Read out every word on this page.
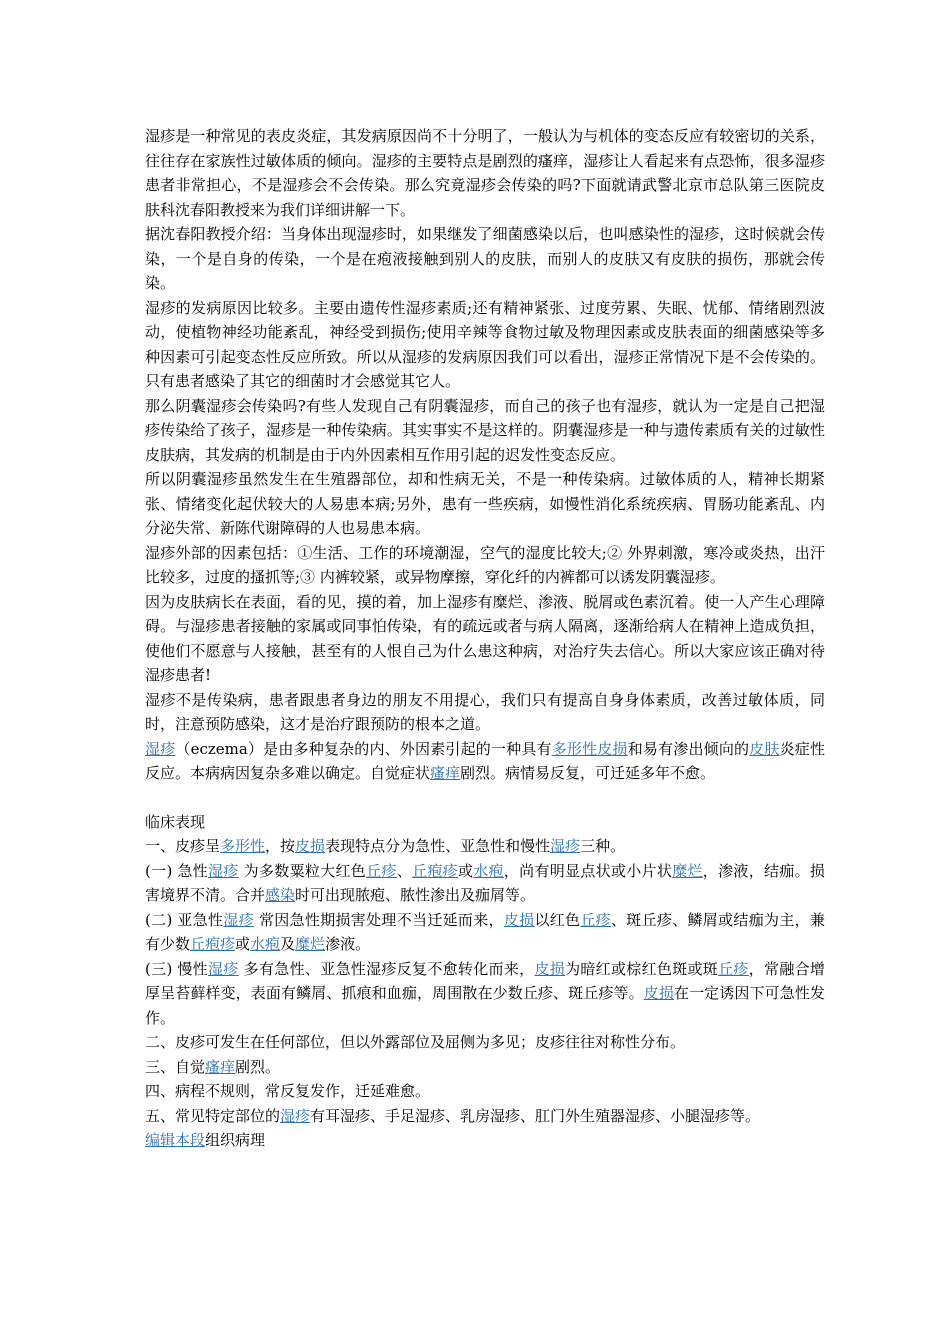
湿疹是一种常见的表皮炎症，其发病原因尚不十分明了，一般认为与机体的变态反应有较密切的关系，往往存在家族性过敏体质的倾向。湿疹的主要特点是剧烈的瘙痒，湿疹让人看起来有点恐怖，很多湿疹患者非常担心，不是湿疹会不会传染。那么究竟湿疹会传染的吗?下面就请武警北京市总队第三医院皮肤科沈春阳教授来为我们详细讲解一下。

据沈春阳教授介绍：当身体出现湿疹时，如果继发了细菌感染以后，也叫感染性的湿疹，这时候就会传染，一个是自身的传染，一个是在疱液接触到别人的皮肤，而别人的皮肤又有皮肤的损伤，那就会传染。

湿疹的发病原因比较多。主要由遗传性湿疹素质;还有精神紧张、过度劳累、失眠、忧郁、情绪剧烈波动，使植物神经功能紊乱，神经受到损伤;使用辛辣等食物过敏及物理因素或皮肤表面的细菌感染等多种因素可引起变态性反应所致。所以从湿疹的发病原因我们可以看出，湿疹正常情况下是不会传染的。只有患者感染了其它的细菌时才会感觉其它人。

那么阴囊湿疹会传染吗?有些人发现自己有阴囊湿疹，而自己的孩子也有湿疹，就认为一定是自己把湿疹传染给了孩子，湿疹是一种传染病。其实事实不是这样的。阴囊湿疹是一种与遗传素质有关的过敏性皮肤病，其发病的机制是由于内外因素相互作用引起的迟发性变态反应。

所以阴囊湿疹虽然发生在生殖器部位，却和性病无关，不是一种传染病。过敏体质的人，精神长期紧张、情绪变化起伏较大的人易患本病;另外，患有一些疾病，如慢性消化系统疾病、胃肠功能紊乱、内分泌失常、新陈代谢障碍的人也易患本病。

湿疹外部的因素包括：①生活、工作的环境潮湿，空气的湿度比较大;② 外界刺激，寒冷或炎热，出汗比较多，过度的搔抓等;③ 内裤较紧，或异物摩擦，穿化纤的内裤都可以诱发阴囊湿疹。

因为皮肤病长在表面，看的见，摸的着，加上湿疹有糜烂、渗液、脱屑或色素沉着。使一人产生心理障碍。与湿疹患者接触的家属或同事怕传染，有的疏远或者与病人隔离，逐渐给病人在精神上造成负担，使他们不愿意与人接触，甚至有的人恨自己为什么患这种病，对治疗失去信心。所以大家应该正确对待湿疹患者!

湿疹不是传染病，患者跟患者身边的朋友不用提心，我们只有提高自身身体素质，改善过敏体质，同时，注意预防感染，这才是治疗跟预防的根本之道。

湿疹（eczema）是由多种复杂的内、外因素引起的一种具有多形性皮损和易有渗出倾向的皮肤炎症性反应。本病病因复杂多难以确定。自觉症状瘙痒剧烈。病情易反复，可迁延多年不愈。

临床表现

一、皮疹呈多形性，按皮损表现特点分为急性、亚急性和慢性湿疹三种。

(一) 急性湿疹 为多数粟粒大红色丘疹、丘疱疹或水疱，尚有明显点状或小片状糜烂，渗液，结痂。损害境界不清。合并感染时可出现脓疱、脓性渗出及痂屑等。

(二) 亚急性湿疹 常因急性期损害处理不当迁延而来，皮损以红色丘疹、斑丘疹、鳞屑或结痂为主，兼有少数丘疱疹或水疱及糜烂渗液。

(三) 慢性湿疹 多有急性、亚急性湿疹反复不愈转化而来，皮损为暗红或棕红色斑或斑丘疹，常融合增厚呈苔藓样变，表面有鳞屑、抓痕和血痂，周围散在少数丘疹、斑丘疹等。皮损在一定诱因下可急性发作。

二、皮疹可发生在任何部位，但以外露部位及屈侧为多见；皮疹往往对称性分布。

三、自觉瘙痒剧烈。

四、病程不规则，常反复发作，迁延难愈。

五、常见特定部位的湿疹有耳湿疹、手足湿疹、乳房湿疹、肛门外生殖器湿疹、小腿湿疹等。

编辑本段组织病理
